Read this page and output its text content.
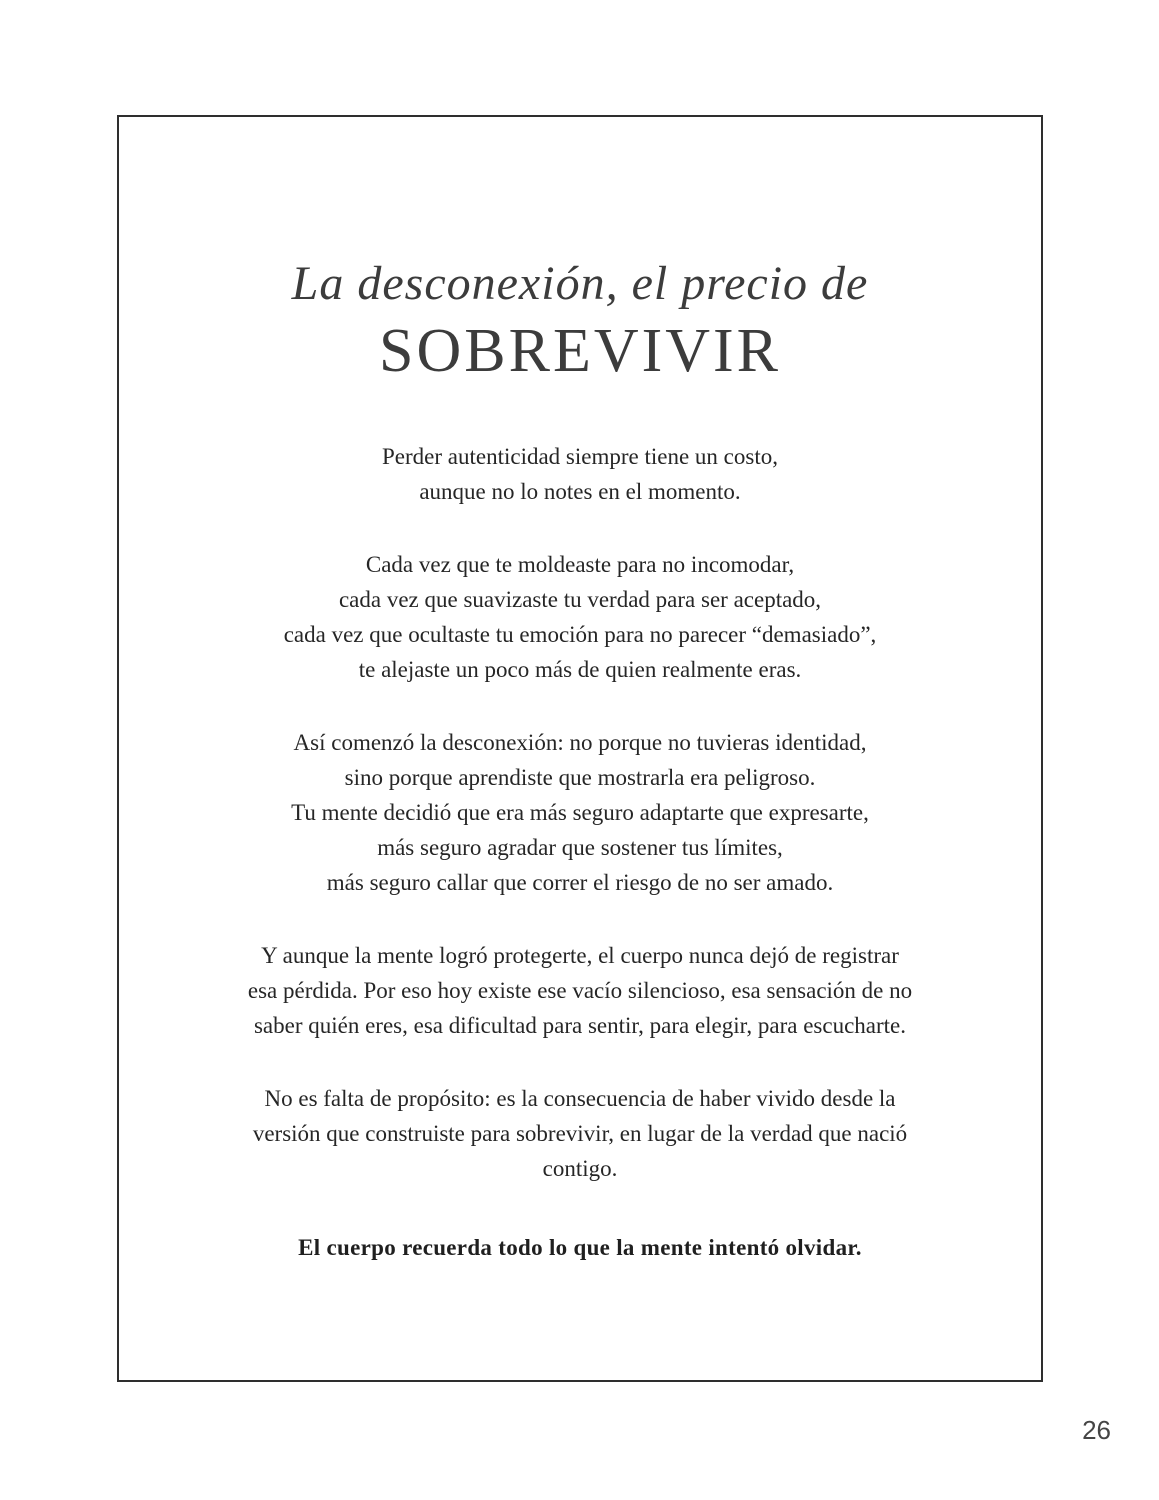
La desconexión, el precio de
SOBREVIVIR

Perder autenticidad siempre tiene un costo,
aunque no lo notes en el momento.

Cada vez que te moldeaste para no incomodar,
cada vez que suavizaste tu verdad para ser aceptado,
cada vez que ocultaste tu emoción para no parecer “demasiado”,
te alejaste un poco más de quien realmente eras.

Así comenzó la desconexión: no porque no tuvieras identidad,
sino porque aprendiste que mostrarla era peligroso.
Tu mente decidió que era más seguro adaptarte que expresarte,
más seguro agradar que sostener tus límites,
más seguro callar que correr el riesgo de no ser amado.

Y aunque la mente logró protegerte, el cuerpo nunca dejó de registrar
esa pérdida. Por eso hoy existe ese vacío silencioso, esa sensación de no
saber quién eres, esa dificultad para sentir, para elegir, para escucharte.

No es falta de propósito: es la consecuencia de haber vivido desde la
versión que construiste para sobrevivir, en lugar de la verdad que nació
contigo.

El cuerpo recuerda todo lo que la mente intentó olvidar.
26
